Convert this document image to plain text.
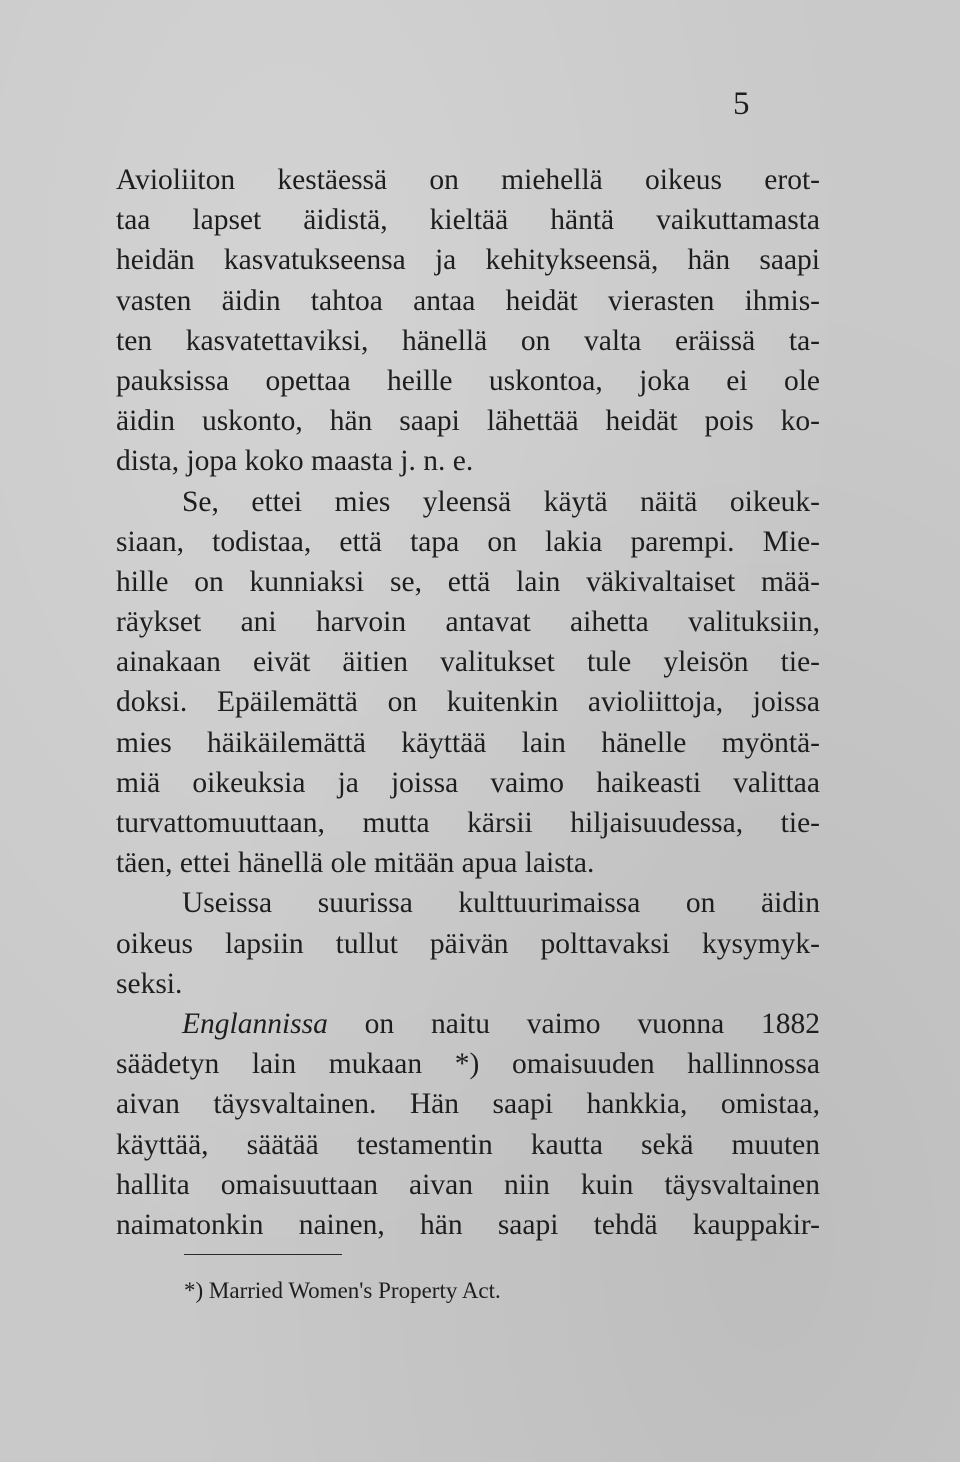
5
Avioliiton kestäessä on miehellä oikeus erot-
taa lapset äidistä, kieltää häntä vaikuttamasta
heidän kasvatukseensa ja kehitykseensä, hän saapi
vasten äidin tahtoa antaa heidät vierasten ihmis-
ten kasvatettaviksi, hänellä on valta eräissä ta-
pauksissa opettaa heille uskontoa, joka ei ole
äidin uskonto, hän saapi lähettää heidät pois ko-
dista, jopa koko maasta j. n. e.
Se, ettei mies yleensä käytä näitä oikeuk-
siaan, todistaa, että tapa on lakia parempi. Mie-
hille on kunniaksi se, että lain väkivaltaiset mää-
räykset ani harvoin antavat aihetta valituksiin,
ainakaan eivät äitien valitukset tule yleisön tie-
doksi. Epäilemättä on kuitenkin avioliittoja, joissa
mies häikäilemättä käyttää lain hänelle myöntä-
miä oikeuksia ja joissa vaimo haikeasti valittaa
turvattomuuttaan, mutta kärsii hiljaisuudessa, tie-
täen, ettei hänellä ole mitään apua laista.
Useissa suurissa kulttuurimaissa on äidin
oikeus lapsiin tullut päivän polttavaksi kysymyk-
seksi.
Englannissa on naitu vaimo vuonna 1882
säädetyn lain mukaan *) omaisuuden hallinnossa
aivan täysvaltainen. Hän saapi hankkia, omistaa,
käyttää, säätää testamentin kautta sekä muuten
hallita omaisuuttaan aivan niin kuin täysvaltainen
naimatonkin nainen, hän saapi tehdä kauppakir-
*) Married Women's Property Act.
